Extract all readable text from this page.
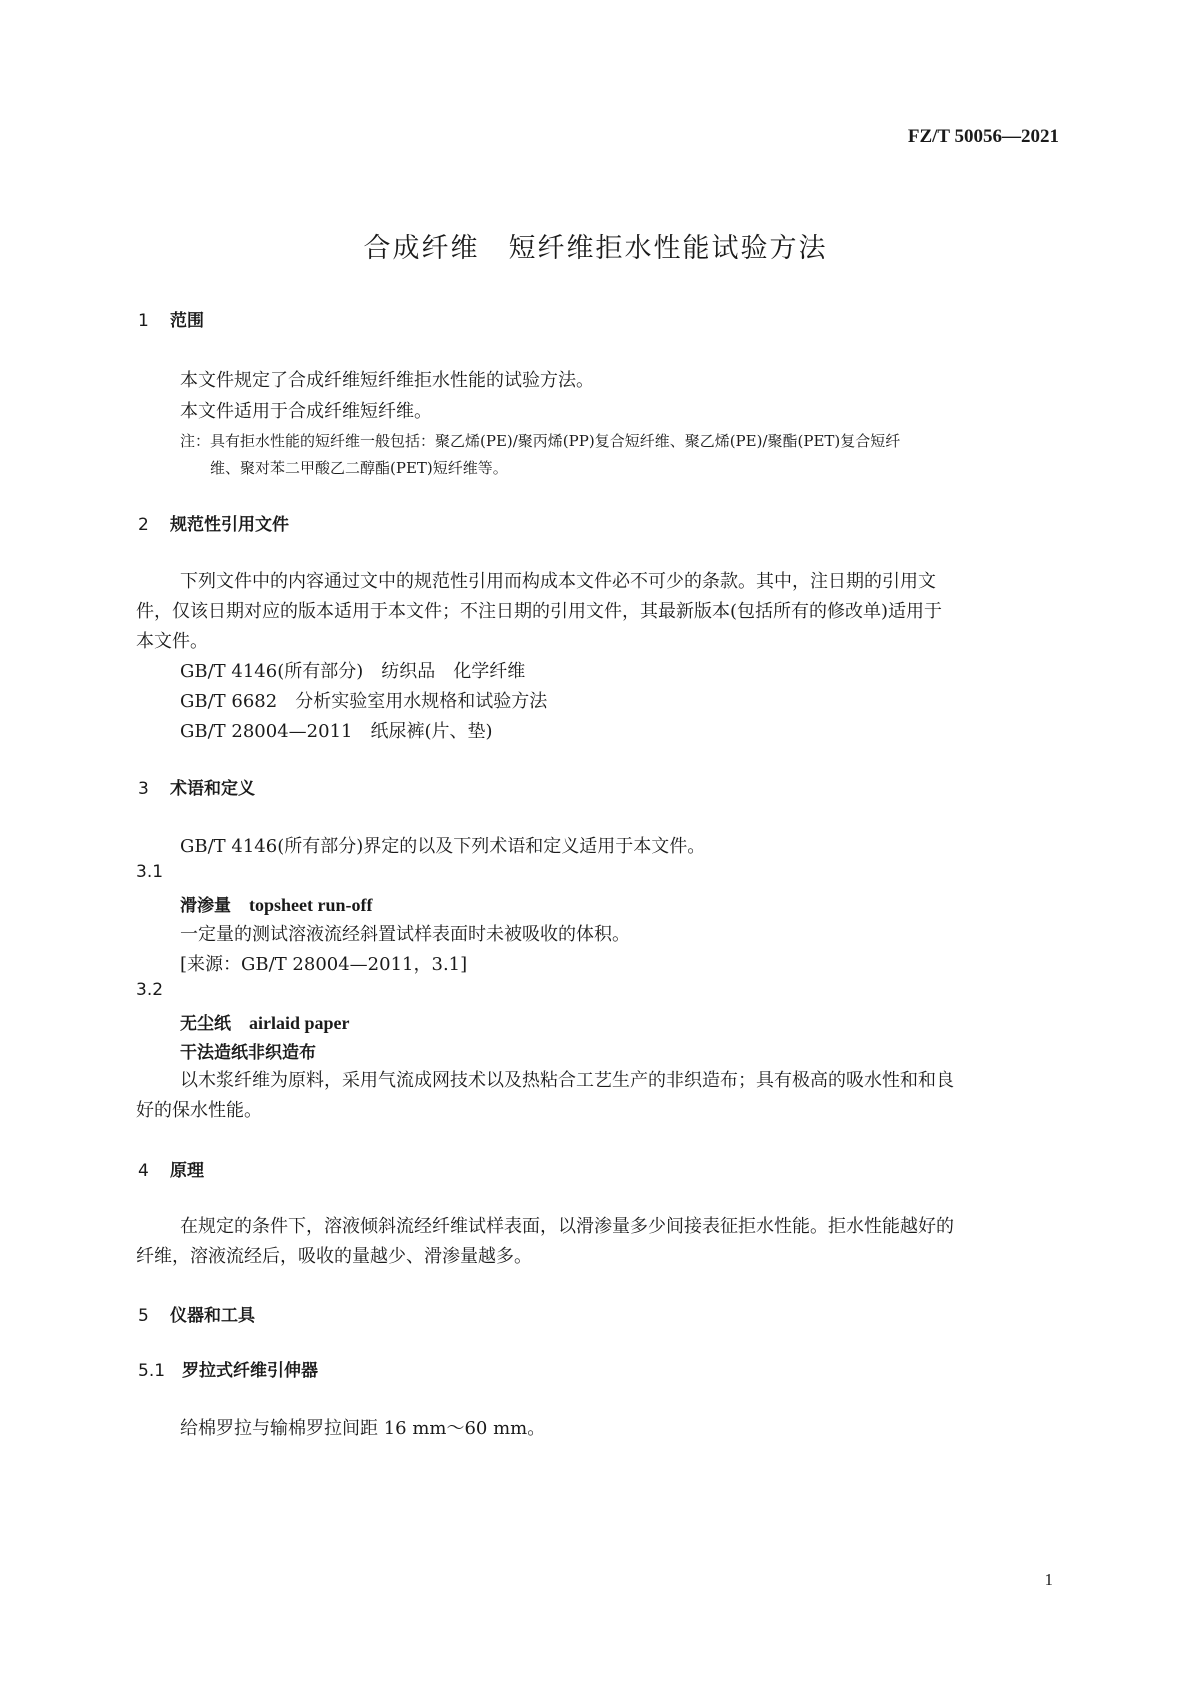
FZ/T 50056—2021
合成纤维　短纤维拒水性能试验方法
1 范围
本文件规定了合成纤维短纤维拒水性能的试验方法。
本文件适用于合成纤维短纤维。
注：具有拒水性能的短纤维一般包括：聚乙烯(PE)/聚丙烯(PP)复合短纤维、聚乙烯(PE)/聚酯(PET)复合短纤
维、聚对苯二甲酸乙二醇酯(PET)短纤维等。
2 规范性引用文件
下列文件中的内容通过文中的规范性引用而构成本文件必不可少的条款。其中，注日期的引用文
件，仅该日期对应的版本适用于本文件；不注日期的引用文件，其最新版本(包括所有的修改单)适用于
本文件。
GB/T 4146(所有部分)　纺织品　化学纤维
GB/T 6682　分析实验室用水规格和试验方法
GB/T 28004—2011　纸尿裤(片、垫)
3 术语和定义
GB/T 4146(所有部分)界定的以及下列术语和定义适用于本文件。
3.1
滑渗量 topsheet run-off
一定量的测试溶液流经斜置试样表面时未被吸收的体积。
[来源：GB/T 28004—2011，3.1]
3.2
无尘纸 airlaid paper
干法造纸非织造布
以木浆纤维为原料，采用气流成网技术以及热粘合工艺生产的非织造布；具有极高的吸水性和和良
好的保水性能。
4 原理
在规定的条件下，溶液倾斜流经纤维试样表面，以滑渗量多少间接表征拒水性能。拒水性能越好的
纤维，溶液流经后，吸收的量越少、滑渗量越多。
5 仪器和工具
5.1 罗拉式纤维引伸器
给棉罗拉与输棉罗拉间距 16 mm～60 mm。
1
